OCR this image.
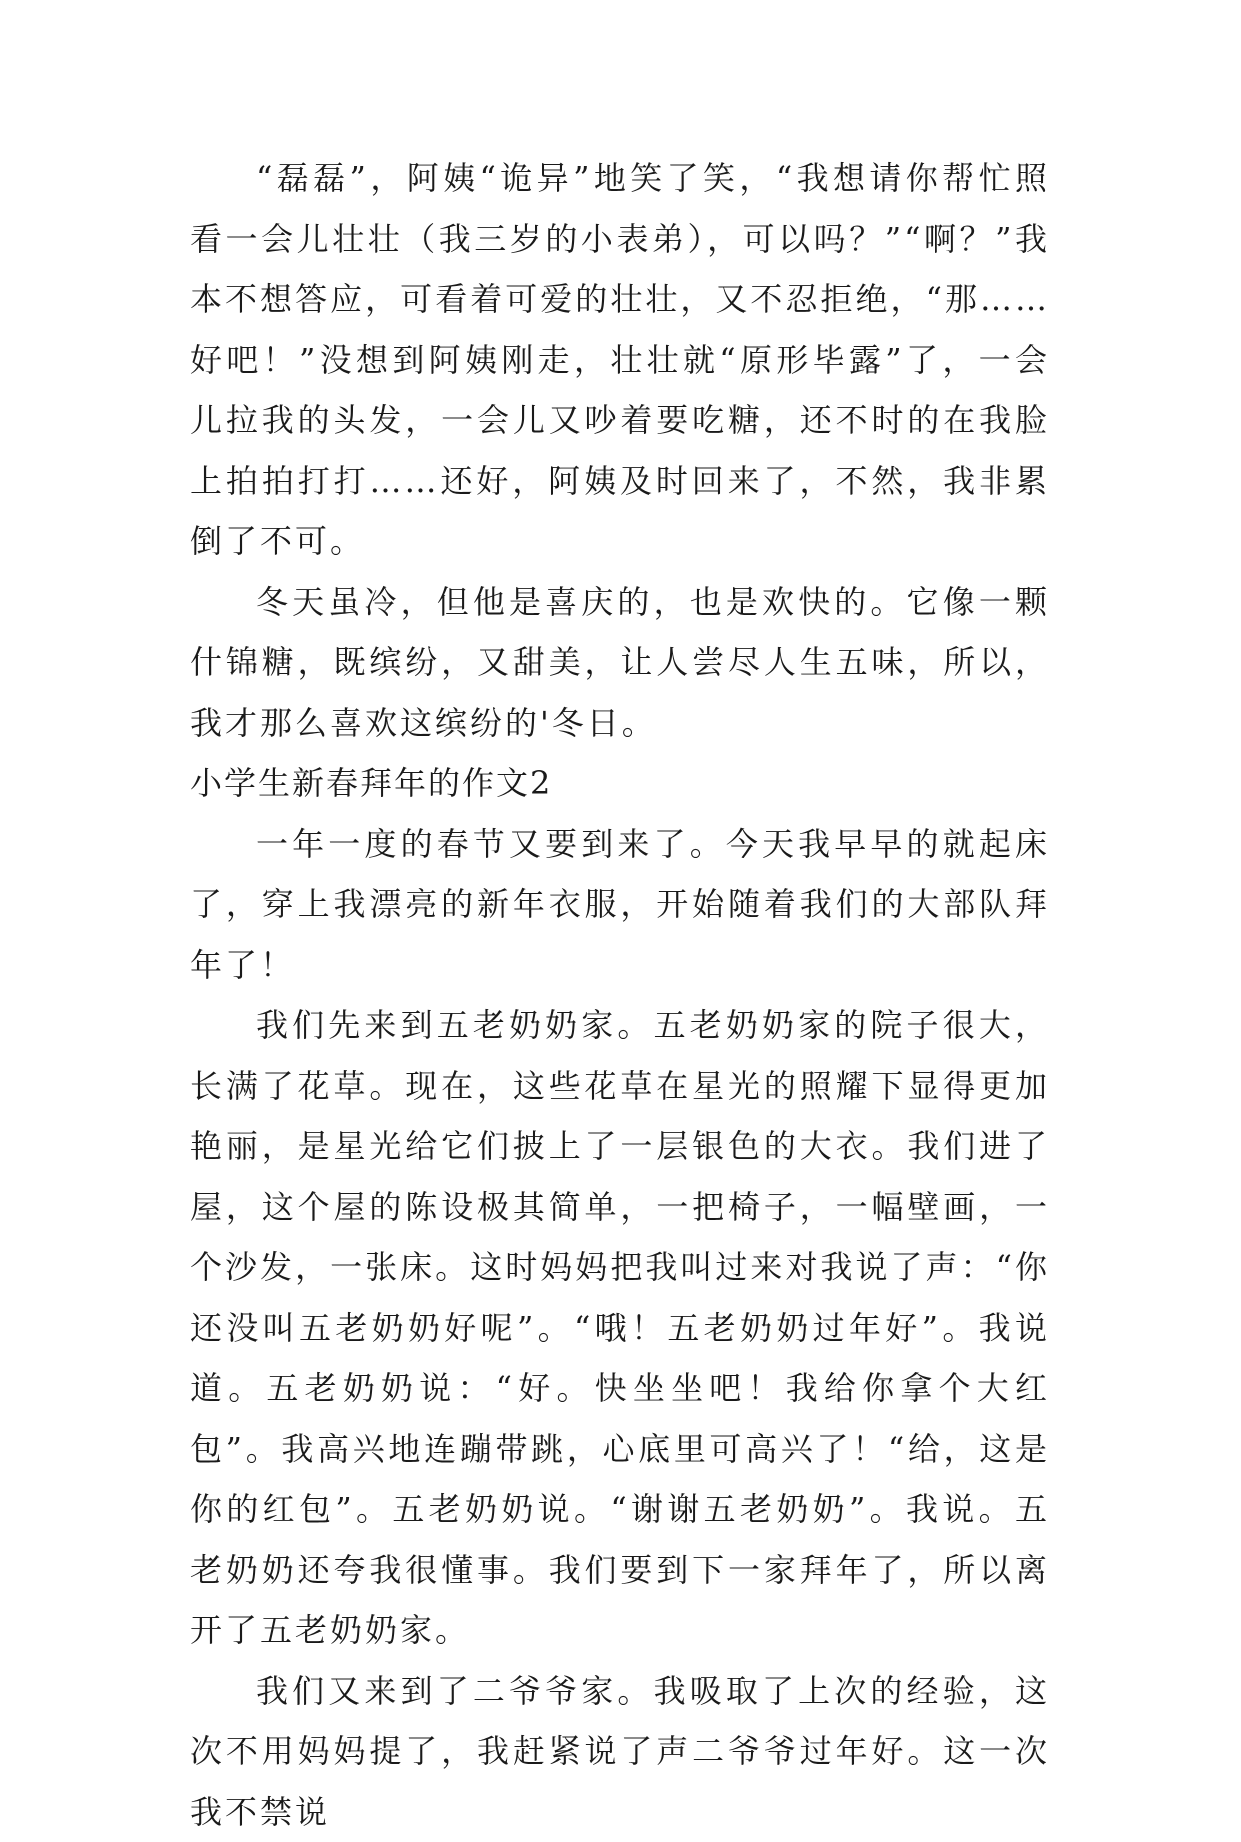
“磊磊”，阿姨“诡异”地笑了笑，“我想请你帮忙照看一会儿壮壮（我三岁的小表弟），可以吗？”“啊？”我本不想答应，可看着可爱的壮壮，又不忍拒绝，“那……好吧！”没想到阿姨刚走，壮壮就“原形毕露”了，一会儿拉我的头发，一会儿又吵着要吃糖，还不时的在我脸上拍拍打打……还好，阿姨及时回来了，不然，我非累倒了不可。

冬天虽冷，但他是喜庆的，也是欢快的。它像一颗什锦糖，既缤纷，又甜美，让人尝尽人生五味，所以，我才那么喜欢这缤纷的'冬日。

小学生新春拜年的作文2

一年一度的春节又要到来了。今天我早早的就起床了，穿上我漂亮的新年衣服，开始随着我们的大部队拜年了！

我们先来到五老奶奶家。五老奶奶家的院子很大，长满了花草。现在，这些花草在星光的照耀下显得更加艳丽，是星光给它们披上了一层银色的大衣。我们进了屋，这个屋的陈设极其简单，一把椅子，一幅壁画，一个沙发，一张床。这时妈妈把我叫过来对我说了声：“你还没叫五老奶奶好呢”。“哦！五老奶奶过年好”。我说道。五老奶奶说：“好。快坐坐吧！我给你拿个大红包”。我高兴地连蹦带跳，心底里可高兴了！“给，这是你的红包”。五老奶奶说。“谢谢五老奶奶”。我说。五老奶奶还夸我很懂事。我们要到下一家拜年了，所以离开了五老奶奶家。

我们又来到了二爷爷家。我吸取了上次的经验，这次不用妈妈提了，我赶紧说了声二爷爷过年好。这一次我不禁说
